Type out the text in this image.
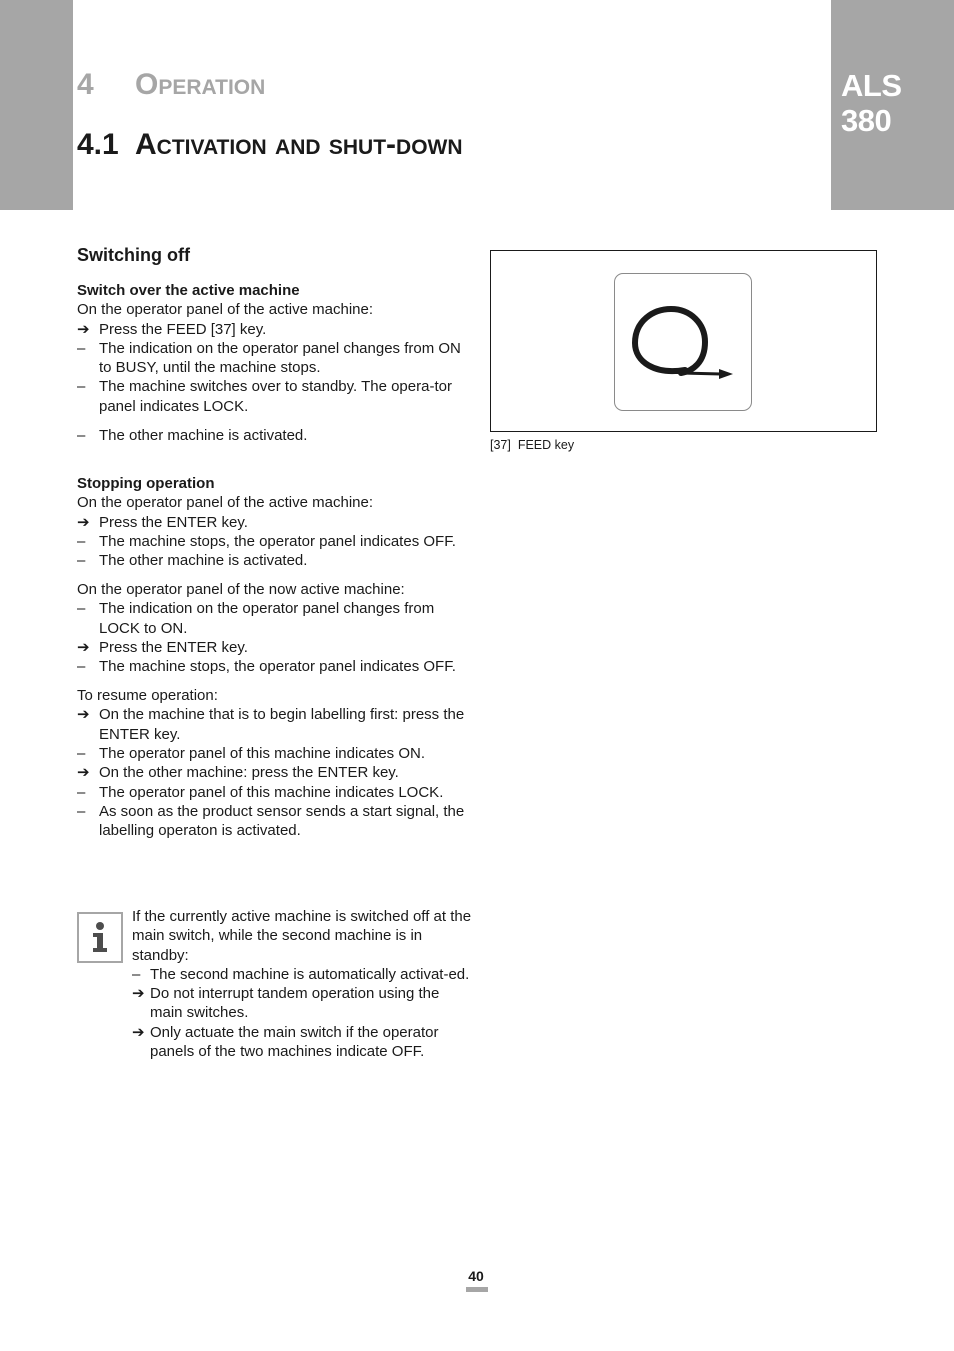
ALS
380
4 Operation
4.1 Activation and shut-down
Switching off
Switch over the active machine
On the operator panel of the active machine:
➔ Press the FEED [37] key.
– The indication on the operator panel changes from ON to BUSY, until the machine stops.
– The machine switches over to standby. The opera-tor panel indicates LOCK.
– The other machine is activated.
Stopping operation
On the operator panel of the active machine:
➔ Press the ENTER key.
– The machine stops, the operator panel indicates OFF.
– The other machine is activated.
On the operator panel of the now active machine:
– The indication on the operator panel changes from LOCK to ON.
➔ Press the ENTER key.
– The machine stops, the operator panel indicates OFF.
To resume operation:
➔ On the machine that is to begin labelling first: press the ENTER key.
– The operator panel of this machine indicates ON.
➔ On the other machine: press the ENTER key.
– The operator panel of this machine indicates LOCK.
– As soon as the product sensor sends a start signal, the labelling operaton is activated.
If the currently active machine is switched off at the main switch, while the second machine is in standby:
– The second machine is automatically activat-ed.
➔ Do not interrupt tandem operation using the main switches.
➔ Only actuate the main switch if the operator panels of the two machines indicate OFF.
[37] FEED key
40
